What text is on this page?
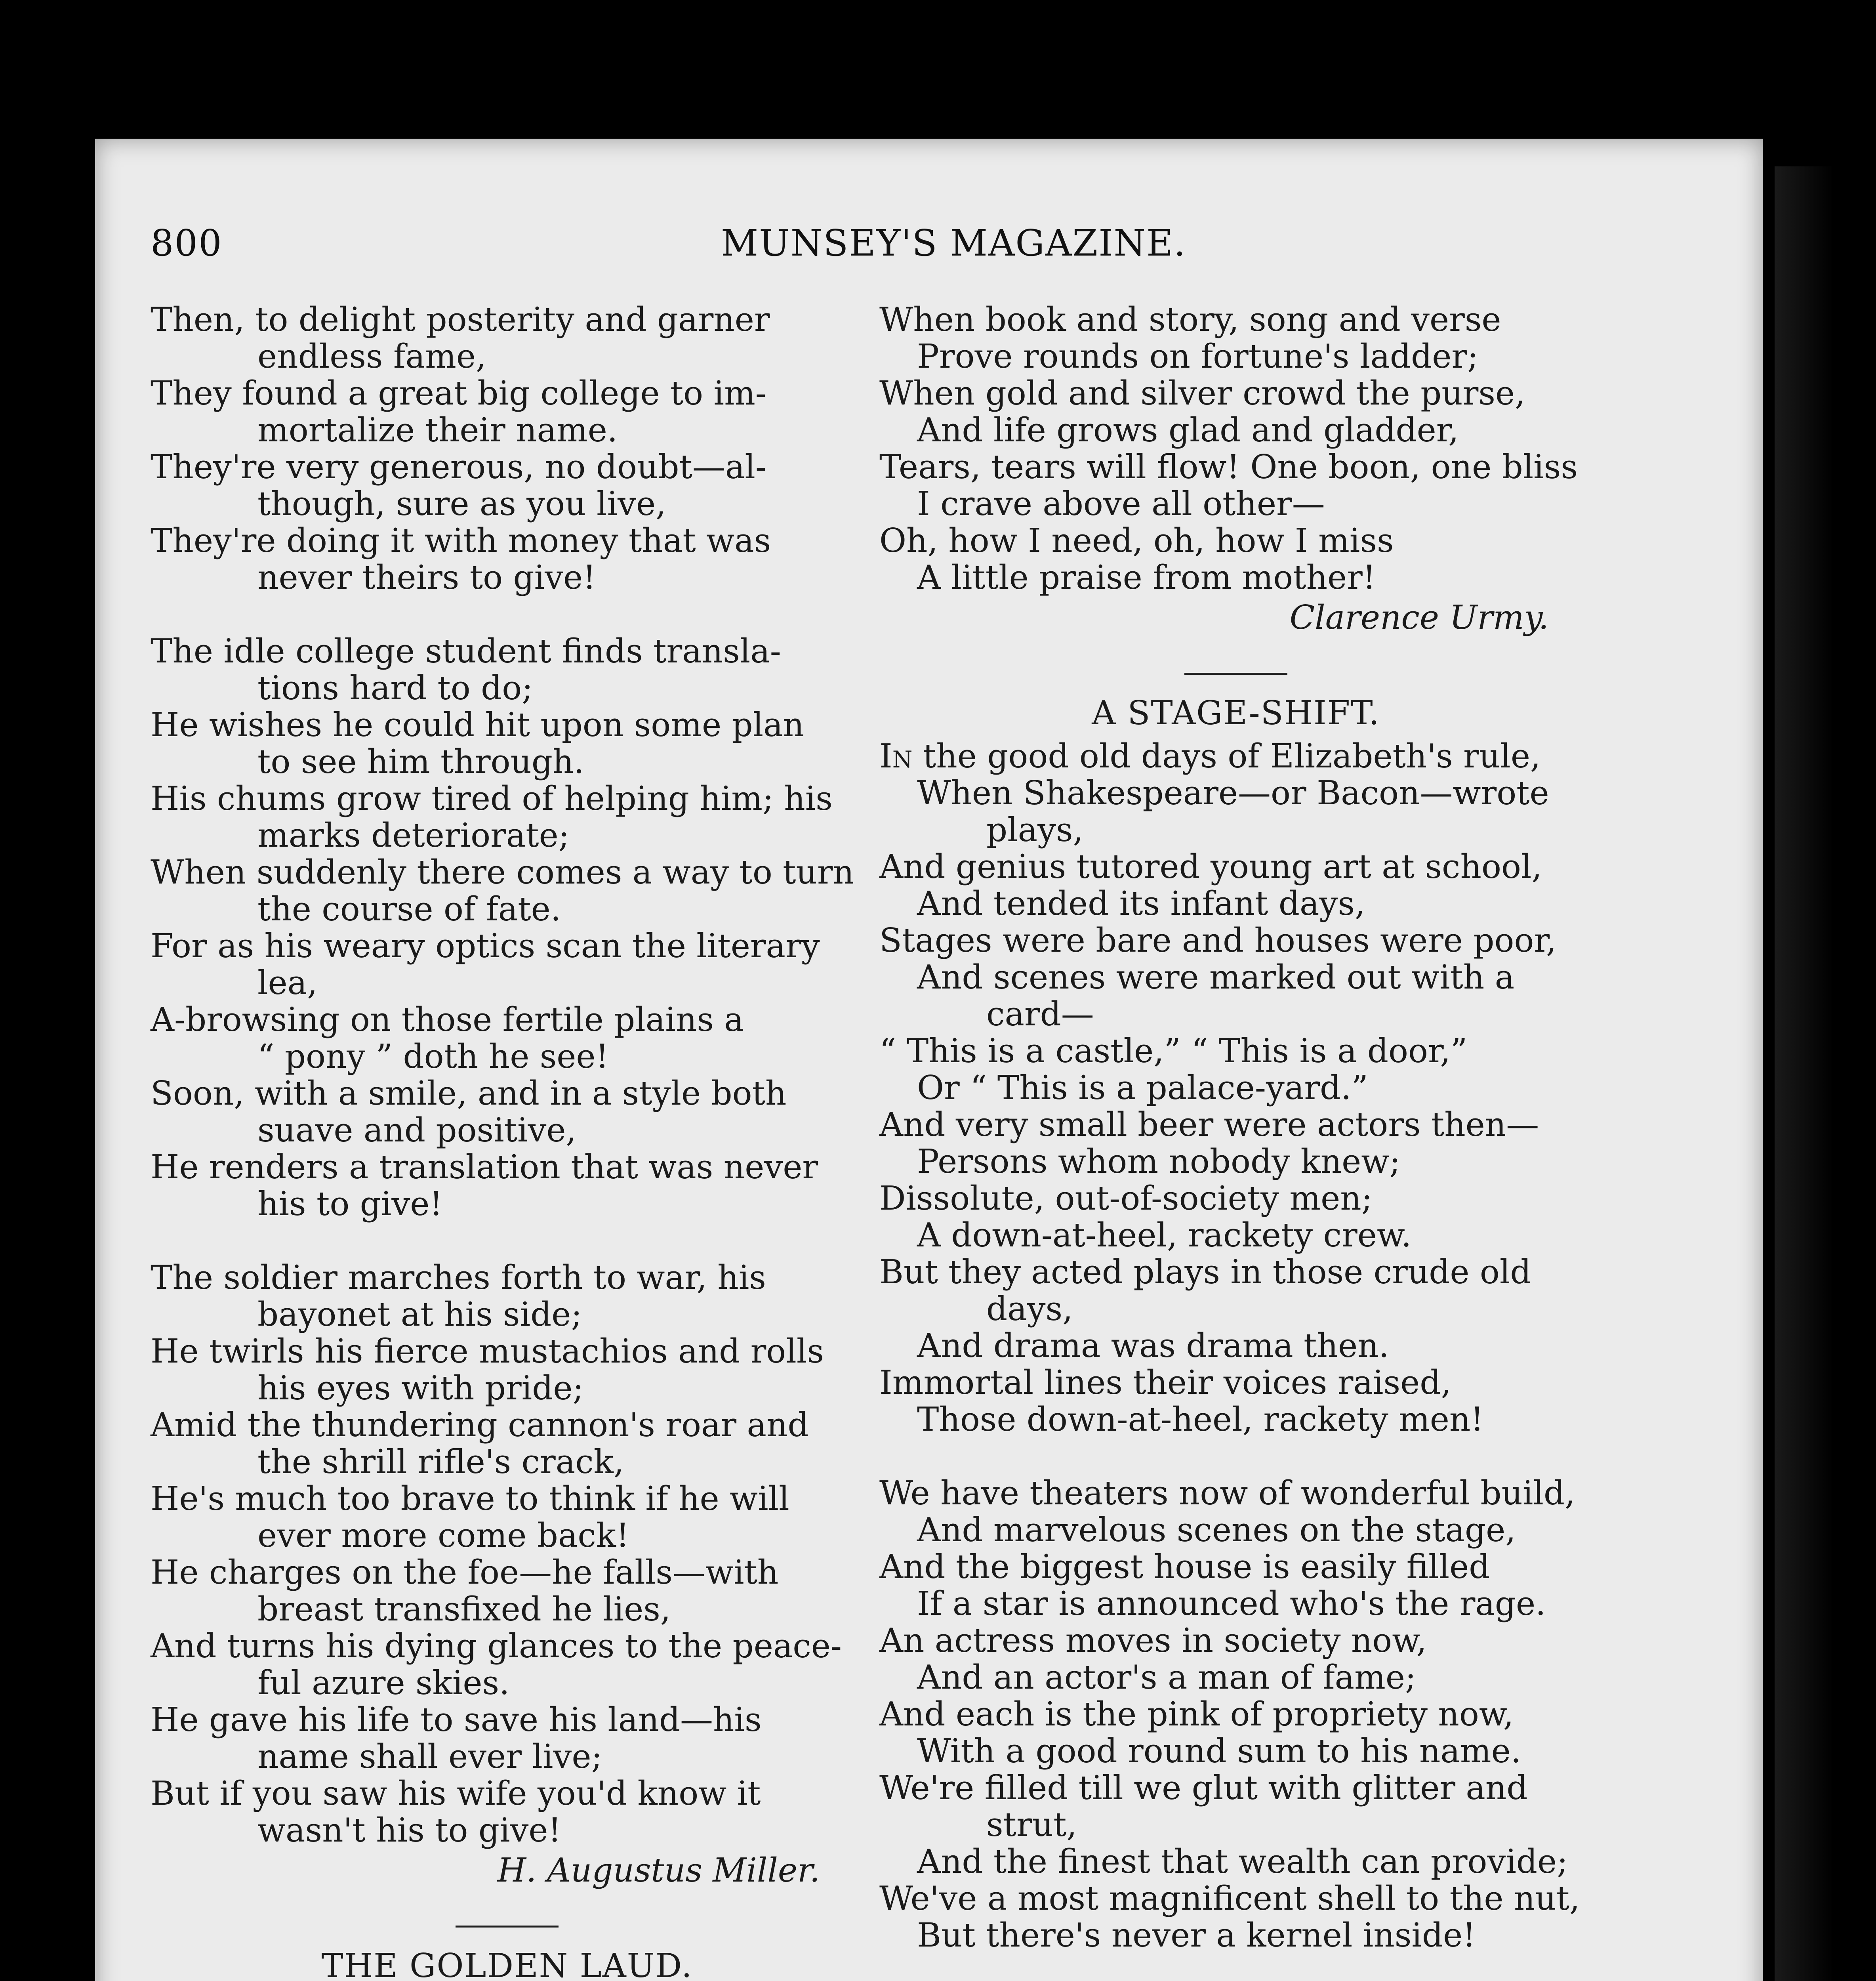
800	MUNSEY'S MAGAZINE.
Then, to delight posterity and garner
endless fame,
They found a great big college to im-
mortalize their name.
They're very generous, no doubt—al-
though, sure as you live,
They're doing it with money that was
never theirs to give!
The idle college student finds transla-
tions hard to do;
He wishes he could hit upon some plan
to see him through.
His chums grow tired of helping him; his
marks deteriorate;
When suddenly there comes a way to turn
the course of fate.
For as his weary optics scan the literary
lea,
A-browsing on those fertile plains a
“ pony ” doth he see!
Soon, with a smile, and in a style both
suave and positive,
He renders a translation that was never
his to give!
The soldier marches forth to war, his
bayonet at his side;
He twirls his fierce mustachios and rolls
his eyes with pride;
Amid the thundering cannon's roar and
the shrill rifle's crack,
He's much too brave to think if he will
ever more come back!
He charges on the foe—he falls—with
breast transfixed he lies,
And turns his dying glances to the peace-
ful azure skies.
He gave his life to save his land—his
name shall ever live;
But if you saw his wife you'd know it
wasn't his to give!
H. Augustus Miller.
THE GOLDEN LAUD.
When book and story, song and verse
Prove rounds on fortune's ladder;
When gold and silver crowd the purse,
And life grows glad and gladder,
Tears, tears will flow! One boon, one bliss
I crave above all other—
Oh, how I need, oh, how I miss
A little praise from mother!
Clarence Urmy.
A STAGE-SHIFT.
In the good old days of Elizabeth's rule,
When Shakespeare—or Bacon—wrote
plays,
And genius tutored young art at school,
And tended its infant days,
Stages were bare and houses were poor,
And scenes were marked out with a
card—
“ This is a castle,” “ This is a door,”
Or “ This is a palace-yard.”
And very small beer were actors then—
Persons whom nobody knew;
Dissolute, out-of-society men;
A down-at-heel, rackety crew.
But they acted plays in those crude old
days,
And drama was drama then.
Immortal lines their voices raised,
Those down-at-heel, rackety men!
We have theaters now of wonderful build,
And marvelous scenes on the stage,
And the biggest house is easily filled
If a star is announced who's the rage.
An actress moves in society now,
And an actor's a man of fame;
And each is the pink of propriety now,
With a good round sum to his name.
We're filled till we glut with glitter and
strut,
And the finest that wealth can provide;
We've a most magnificent shell to the nut,
But there's never a kernel inside!
